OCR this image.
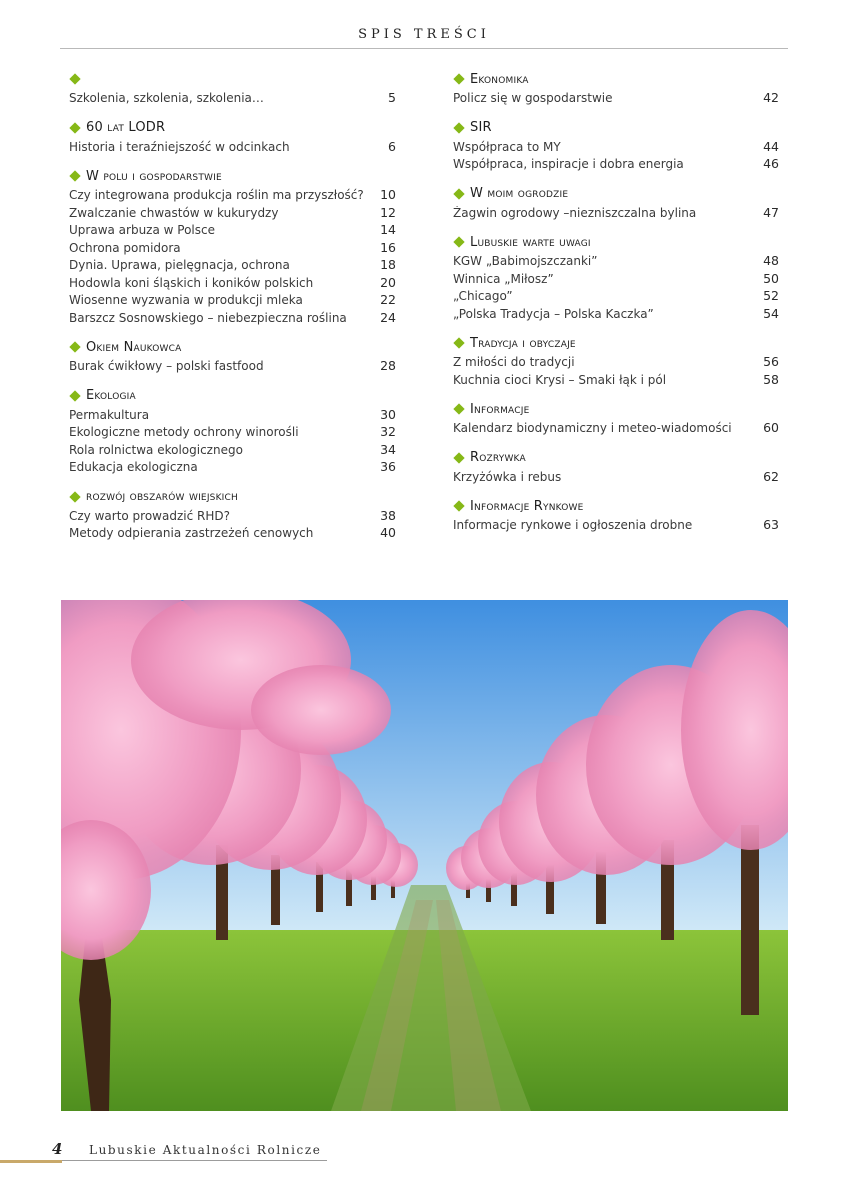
SPIS TREŚCI
Szkolenia, szkolenia, szkolenia…	5
60 lat LODR
Historia i teraźniejszość w odcinkach	6
W polu i gospodarstwie
Czy integrowana produkcja roślin ma przyszłość?	10
Zwalczanie chwastów w kukurydzy	12
Uprawa arbuza w Polsce	14
Ochrona pomidora	16
Dynia. Uprawa, pielęgnacja, ochrona	18
Hodowla koni śląskich i koników polskich	20
Wiosenne wyzwania w produkcji mleka	22
Barszcz Sosnowskiego – niebezpieczna roślina	24
Okiem Naukowca
Burak ćwikłowy – polski fastfood	28
Ekologia
Permakultura	30
Ekologiczne metody ochrony winorośli	32
Rola rolnictwa ekologicznego	34
Edukacja ekologiczna	36
rozwój obszarów wiejskich
Czy warto prowadzić RHD?	38
Metody odpierania zastrzeżeń cenowych	40
Ekonomika
Policz się w gospodarstwie	42
SIR
Współpraca to MY	44
Współpraca, inspiracje i dobra energia	46
W moim ogrodzie
Żagwin ogrodowy –niezniszczalna bylina	47
Lubuskie warte uwagi
KGW „Babimojszczanki”	48
Winnica „Miłosz”	50
„Chicago”	52
„Polska Tradycja – Polska Kaczka”	54
Tradycja i obyczaje
Z miłości do tradycji	56
Kuchnia cioci Krysi – Smaki łąk i pól	58
Informacje
Kalendarz biodynamiczny i meteo-wiadomości	60
Rozrywka
Krzyżówka i rebus	62
Informacje Rynkowe
Informacje rynkowe i ogłoszenia drobne	63
4 Lubuskie Aktualności Rolnicze
